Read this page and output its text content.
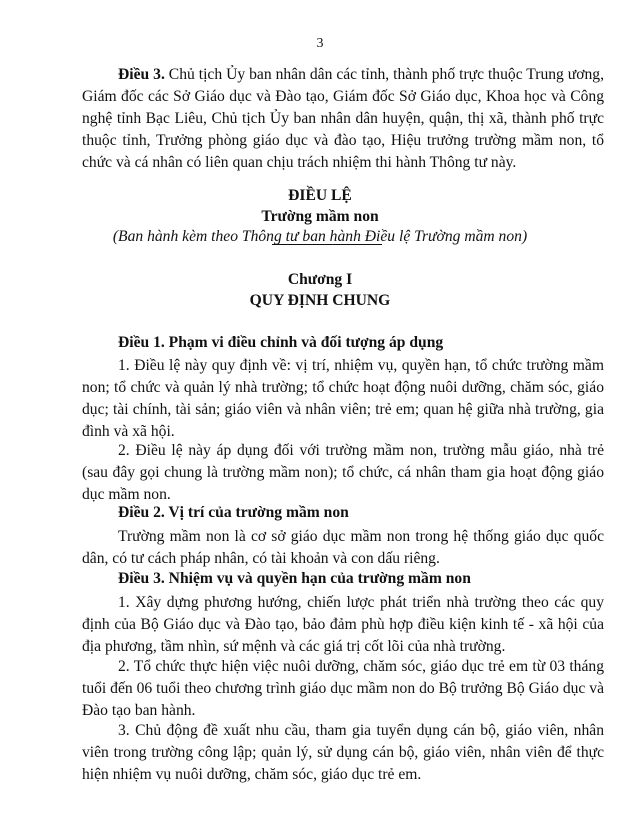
3
Điều 3. Chủ tịch Ủy ban nhân dân các tỉnh, thành phố trực thuộc Trung ương, Giám đốc các Sở Giáo dục và Đào tạo, Giám đốc Sở Giáo dục, Khoa học và Công nghệ tỉnh Bạc Liêu, Chủ tịch Ủy ban nhân dân huyện, quận, thị xã, thành phố trực thuộc tỉnh, Trưởng phòng giáo dục và đào tạo, Hiệu trưởng trường mầm non, tổ chức và cá nhân có liên quan chịu trách nhiệm thi hành Thông tư này.
ĐIỀU LỆ
Trường mầm non
(Ban hành kèm theo Thông tư ban hành Điều lệ Trường mầm non)
Chương I
QUY ĐỊNH CHUNG
Điều 1. Phạm vi điều chỉnh và đối tượng áp dụng
1. Điều lệ này quy định về: vị trí, nhiệm vụ, quyền hạn, tổ chức trường mầm non; tổ chức và quản lý nhà trường; tổ chức hoạt động nuôi dưỡng, chăm sóc, giáo dục; tài chính, tài sản; giáo viên và nhân viên; trẻ em; quan hệ giữa nhà trường, gia đình và xã hội.
2. Điều lệ này áp dụng đối với trường mầm non, trường mẫu giáo, nhà trẻ (sau đây gọi chung là trường mầm non); tổ chức, cá nhân tham gia hoạt động giáo dục mầm non.
Điều 2. Vị trí của trường mầm non
Trường mầm non là cơ sở giáo dục mầm non trong hệ thống giáo dục quốc dân, có tư cách pháp nhân, có tài khoản và con dấu riêng.
Điều 3. Nhiệm vụ và quyền hạn của trường mầm non
1. Xây dựng phương hướng, chiến lược phát triển nhà trường theo các quy định của Bộ Giáo dục và Đào tạo, bảo đảm phù hợp điều kiện kinh tế - xã hội của địa phương, tầm nhìn, sứ mệnh và các giá trị cốt lõi của nhà trường.
2. Tổ chức thực hiện việc nuôi dưỡng, chăm sóc, giáo dục trẻ em từ 03 tháng tuổi đến 06 tuổi theo chương trình giáo dục mầm non do Bộ trưởng Bộ Giáo dục và Đào tạo ban hành.
3. Chủ động đề xuất nhu cầu, tham gia tuyển dụng cán bộ, giáo viên, nhân viên trong trường công lập; quản lý, sử dụng cán bộ, giáo viên, nhân viên để thực hiện nhiệm vụ nuôi dưỡng, chăm sóc, giáo dục trẻ em.
